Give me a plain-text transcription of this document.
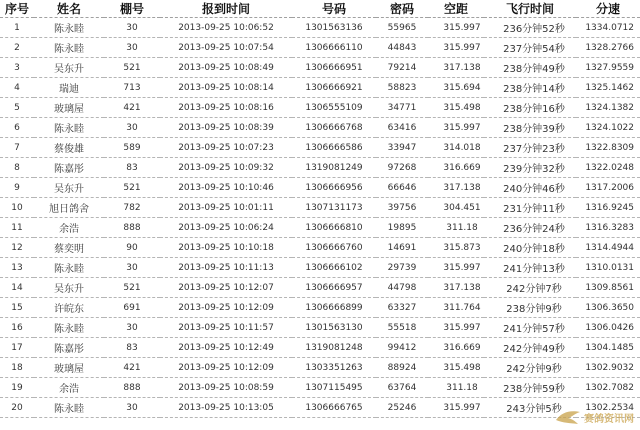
序号	姓名	棚号	报到时间	号码	密码	空距	飞行时间	分速
1	陈永睦	30	2013-09-25 10:06:52	1301563136	55965	315.997	236分钟52秒	1334.0712
2	陈永睦	30	2013-09-25 10:07:54	1306666110	44843	315.997	237分钟54秒	1328.2766
3	吴东升	521	2013-09-25 10:08:49	1306666951	79214	317.138	238分钟49秒	1327.9559
4	瑞迪	713	2013-09-25 10:08:14	1306666921	58823	315.694	238分钟14秒	1325.1462
5	玻璃屋	421	2013-09-25 10:08:16	1306555109	34771	315.498	238分钟16秒	1324.1382
6	陈永睦	30	2013-09-25 10:08:39	1306666768	63416	315.997	238分钟39秒	1324.1022
7	蔡俊雄	589	2013-09-25 10:07:23	1306666586	33947	314.018	237分钟23秒	1322.8309
8	陈嘉彤	83	2013-09-25 10:09:32	1319081249	97268	316.669	239分钟32秒	1322.0248
9	吴东升	521	2013-09-25 10:10:46	1306666956	66646	317.138	240分钟46秒	1317.2006
10	旭日鸽舍	782	2013-09-25 10:01:11	1307131173	39756	304.451	231分钟11秒	1316.9245
11	余浩	888	2013-09-25 10:06:24	1306666810	19895	311.18	236分钟24秒	1316.3283
12	蔡奕明	90	2013-09-25 10:10:18	1306666760	14691	315.873	240分钟18秒	1314.4944
13	陈永睦	30	2013-09-25 10:11:13	1306666102	29739	315.997	241分钟13秒	1310.0131
14	吴东升	521	2013-09-25 10:12:07	1306666957	44798	317.138	242分钟7秒	1309.8561
15	许皖东	691	2013-09-25 10:12:09	1306666899	63327	311.764	238分钟9秒	1306.3650
16	陈永睦	30	2013-09-25 10:11:57	1301563130	55518	315.997	241分钟57秒	1306.0426
17	陈嘉彤	83	2013-09-25 10:12:49	1319081248	99412	316.669	242分钟49秒	1304.1485
18	玻璃屋	421	2013-09-25 10:12:09	1303351263	88924	315.498	242分钟9秒	1302.9032
19	余浩	888	2013-09-25 10:08:59	1307115495	63764	311.18	238分钟59秒	1302.7082
20	陈永睦	30	2013-09-25 10:13:05	1306666765	25246	315.997	243分钟5秒	1302.2534
赛鸽资讯网
